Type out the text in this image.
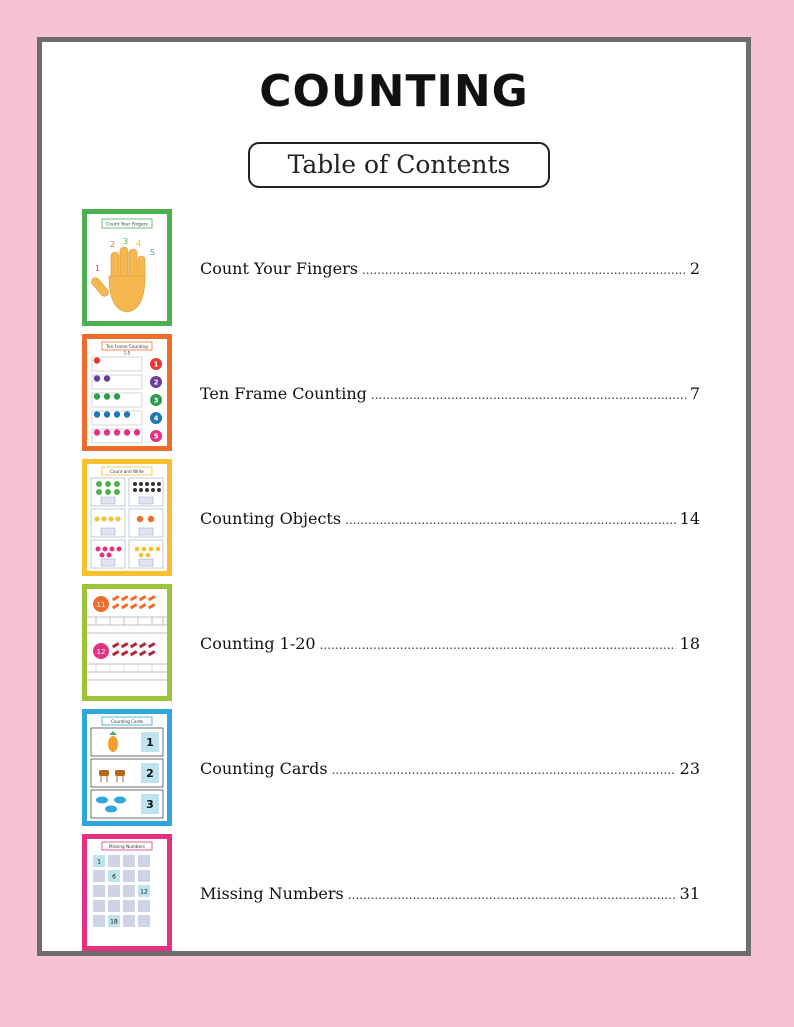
COUNTING
Table of Contents
Count Your Fingers
1
2 3 4
5
Count Your Fingers .....	2
Ten Frame Counting
1-5
1
2
3
4
5
Ten Frame Counting .....	7
Count and Write
Counting Objects .....	14
11
12	Counting 1-20 .....	18
Counting Cards
1
2
3
Counting Cards .....	23
Missing Numbers
1
6
12
18
Missing Numbers .....	31
